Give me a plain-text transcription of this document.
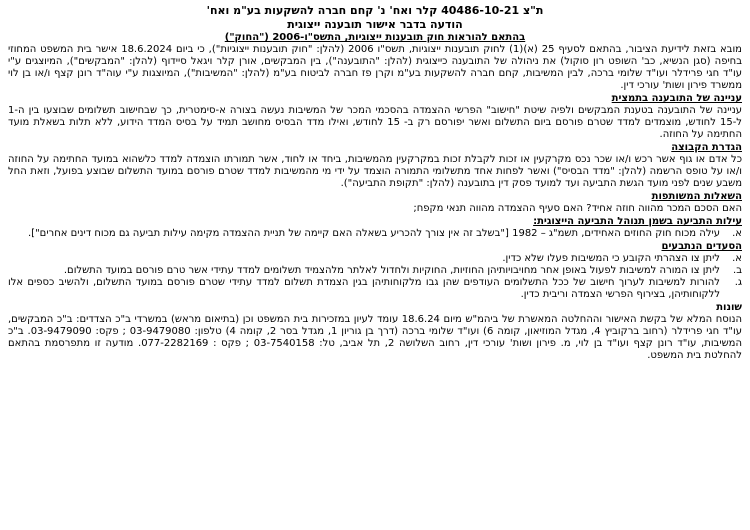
ת"צ 40486-10-21 קלר ואח' נ' קחם חברה להשקעות בע"מ ואח'
הודעה בדבר אישור תובענה ייצוגית
בהתאם להוראות חוק תובענות ייצוגיות, התשס"ו-2006 ("החוק")

מובא בזאת לידיעת הציבור, בהתאם לסעיף 25 (א)(1) לחוק תובענות ייצוגיות, תשס"ו 2006 (להלן: "חוק תובענות ייצוגיות"), כי ביום 18.6.2024 אישר בית המשפט המחוזי בחיפה (סגן הנשיא, כב' השופט רון סוקול) את ניהולה של התובענה כייצוגית (להלן: "התובענה"), בין המבקשים, אורן קלר ויגאל סיידוף (להלן: "המבקשים"), המיוצגים ע"י עו"ד חגי פרידלר ועו"ד שלומי ברכה, לבין המשיבות, קחם חברה להשקעות בע"מ וקרן פז חברה לביטוח בע"מ (להלן: "המשיבות"), המיוצגות ע"י עוה"ד רונן קצף ו/או בן לוי ממשרד פירון ושות' עורכי דין.

עניינה של התובענה בתמצית

עניינה של התובענה בטענת המבקשים ולפיה שיטת "חישוב" הפרשי ההצמדה בהסכמי המכר של המשיבות נעשה בצורה א-סימטרית, כך שבחישוב תשלומים שבוצעו בין ה-1 ל-15 לחודש, מוצמדים למדד שטרם פורסם ביום התשלום ואשר יפורסם רק ב- 15 לחודש, ואילו מדד הבסיס מחושב תמיד על בסיס המדד הידוע, ללא תלות בשאלת מועד החתימה על החוזה.

הגדרת הקבוצה

כל אדם או גוף אשר רכש ו/או שכר נכס מקרקעין או זכות לקבלת זכות במקרקעין מהמשיבות, ביחד או לחוד, אשר תמורתו הוצמדה למדד כלשהוא במועד החתימה על החוזה ו/או על טופס הרשמה (להלן: "מדד הבסיס") ואשר לפחות אחד מתשלומי התמורה הוצמד על ידי מי מהמשיבות למדד שטרם פורסם במועד התשלום שבוצע בפועל, וזאת החל משבע שנים לפני מועד הגשת התביעה ועד למועד פסק דין בתובענה (להלן: "תקופת התביעה").

השאלות המשותפות

האם הסכם המכר מהווה חוזה אחיד? האם סעיף ההצמדה מהווה תנאי מקפח;

עילות התביעה בשמן תנוהל התביעה הייצוגית:
א.
עילה מכוח חוק החוזים האחידים, תשמ"ג – 1982 ["בשלב זה אין צורך להכריע בשאלה האם קיימה של תניית ההצמדה מקימה עילות תביעה גם מכוח דינים אחרים"].
הסעדים הנתבעים
א.
ליתן צו הצהרתי הקובע כי המשיבות פעלו שלא כדין.
ב.
ליתן צו המורה למשיבות לפעול באופן אחר מחויבויותיהן החוזיות, החוקיות ולחדול לאלתר מלהצמיד תשלומים למדד עתידי אשר טרם פורסם במועד התשלום.
ג.
להורות למשיבות לערוך חישוב של ככל התשלומים העודפים שהן גבו מלקוחותיהן בגין הצמדת תשלום למדד עתידי שטרם פורסם במועד התשלום, ולהשיב כספים אלו ללקוחותיהן, בצירוף הפרשי הצמדה וריבית כדין.
שונות

הנוסח המלא של בקשת האישור וההחלטה המאשרת של ביהמ"ש מיום 18.6.24 עומד לעיון במזכירות בית המשפט וכן (בתיאום מראש) במשרדי ב"כ הצדדים: ב"כ המבקשים, עו"ד חגי פרידלר (רחוב ברקוביץ 4, מגדל המוזיאון, קומה 6) ועו"ד שלומי ברכה (דרך בן גוריון 1, מגדל בסר 2, קומה 4) טלפון: 03-9479080 ; פקס: 03-9479090. ב"כ המשיבות, עו"ד רונן קצף ועו"ד בן לוי, מ. פירון ושות' עורכי דין, רחוב השלושה 2, תל אביב, טל: 03-7540158 ; פקס : 077-2282169. מודעה זו מתפרסמת בהתאם להחלטת בית המשפט.
